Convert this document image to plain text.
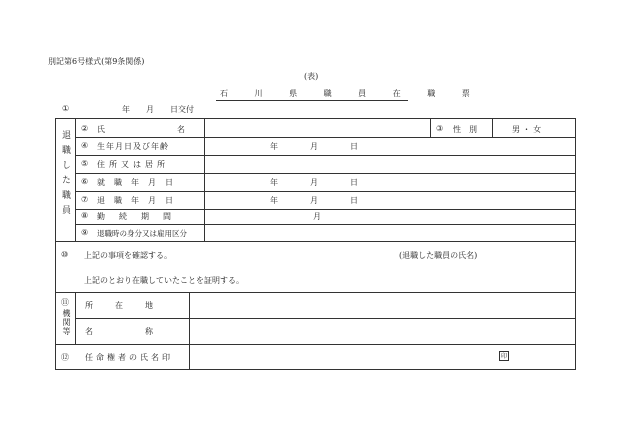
別記第6号様式(第9条関係)
(表)
石 川 県 職 員 在 職 票
①	年　　月　　日交付
退職した職員
② 氏　　　　　　　名	③ 性　別	男 ・ 女
④ 生年月日及び年齢	年　　　　月　　　　日
⑤ 住所又は居所
⑥ 就職年月日	年　　　　月　　　　日
⑦ 退職年月日	年　　　　月　　　　日
⑧ 勤続期間	月
⑨ 退職時の身分又は雇用区分
⑩ 上記の事項を確認する。	(退職した職員の氏名)
上記のとおり在職していたことを証明する。
⑪
機関等
所　　在　　地
名　　　　　称
⑫ 任命権者の氏名印	印
